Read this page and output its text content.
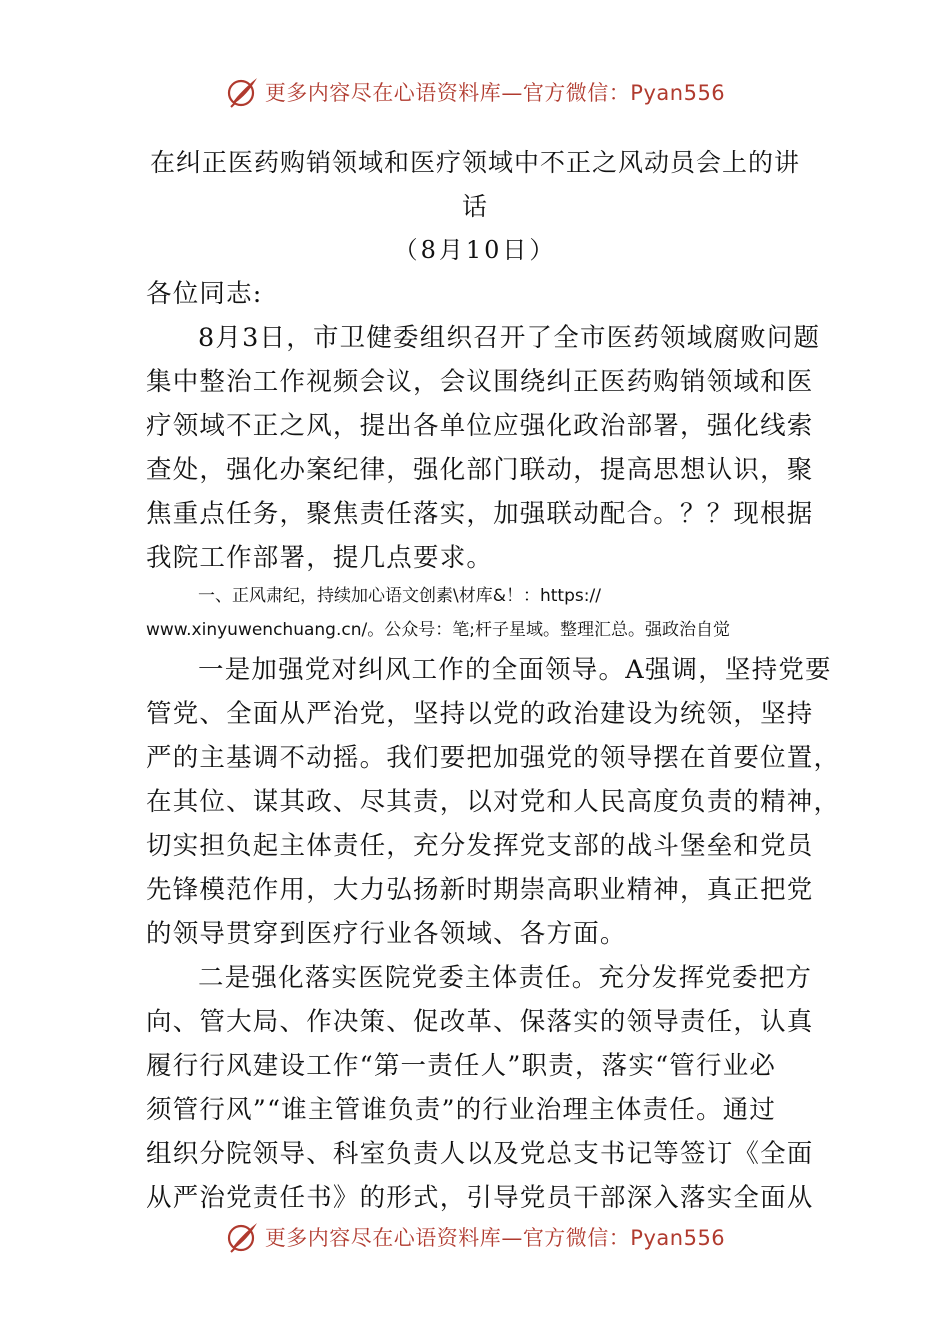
更多内容尽在心语资料库—官方微信：Pyan556
在纠正医药购销领域和医疗领域中不正之风动员会上的讲
话
（8月10日）
各位同志:
8月3日，市卫健委组织召开了全市医药领域腐败问题
集中整治工作视频会议，会议围绕纠正医药购销领域和医
疗领域不正之风，提出各单位应强化政治部署，强化线索
查处，强化办案纪律，强化部门联动，提高思想认识，聚
焦重点任务，聚焦责任落实，加强联动配合。？？现根据
我院工作部署，提几点要求。
一、正风肃纪，持续加心语文创素\材库&！：https://
www.xinyuwenchuang.cn/。公众号：笔;杆子星域。整理汇总。强政治自觉
一是加强党对纠风工作的全面领导。A强调，坚持党要
管党、全面从严治党，坚持以党的政治建设为统领，坚持
严的主基调不动摇。我们要把加强党的领导摆在首要位置，
在其位、谋其政、尽其责，以对党和人民高度负责的精神，
切实担负起主体责任，充分发挥党支部的战斗堡垒和党员
先锋模范作用，大力弘扬新时期崇高职业精神，真正把党
的领导贯穿到医疗行业各领域、各方面。
二是强化落实医院党委主体责任。充分发挥党委把方
向、管大局、作决策、促改革、保落实的领导责任，认真
履行行风建设工作“第一责任人”职责，落实“管行业必
须管行风”“谁主管谁负责”的行业治理主体责任。通过
组织分院领导、科室负责人以及党总支书记等签订《全面
从严治党责任书》的形式，引导党员干部深入落实全面从
更多内容尽在心语资料库—官方微信：Pyan556
